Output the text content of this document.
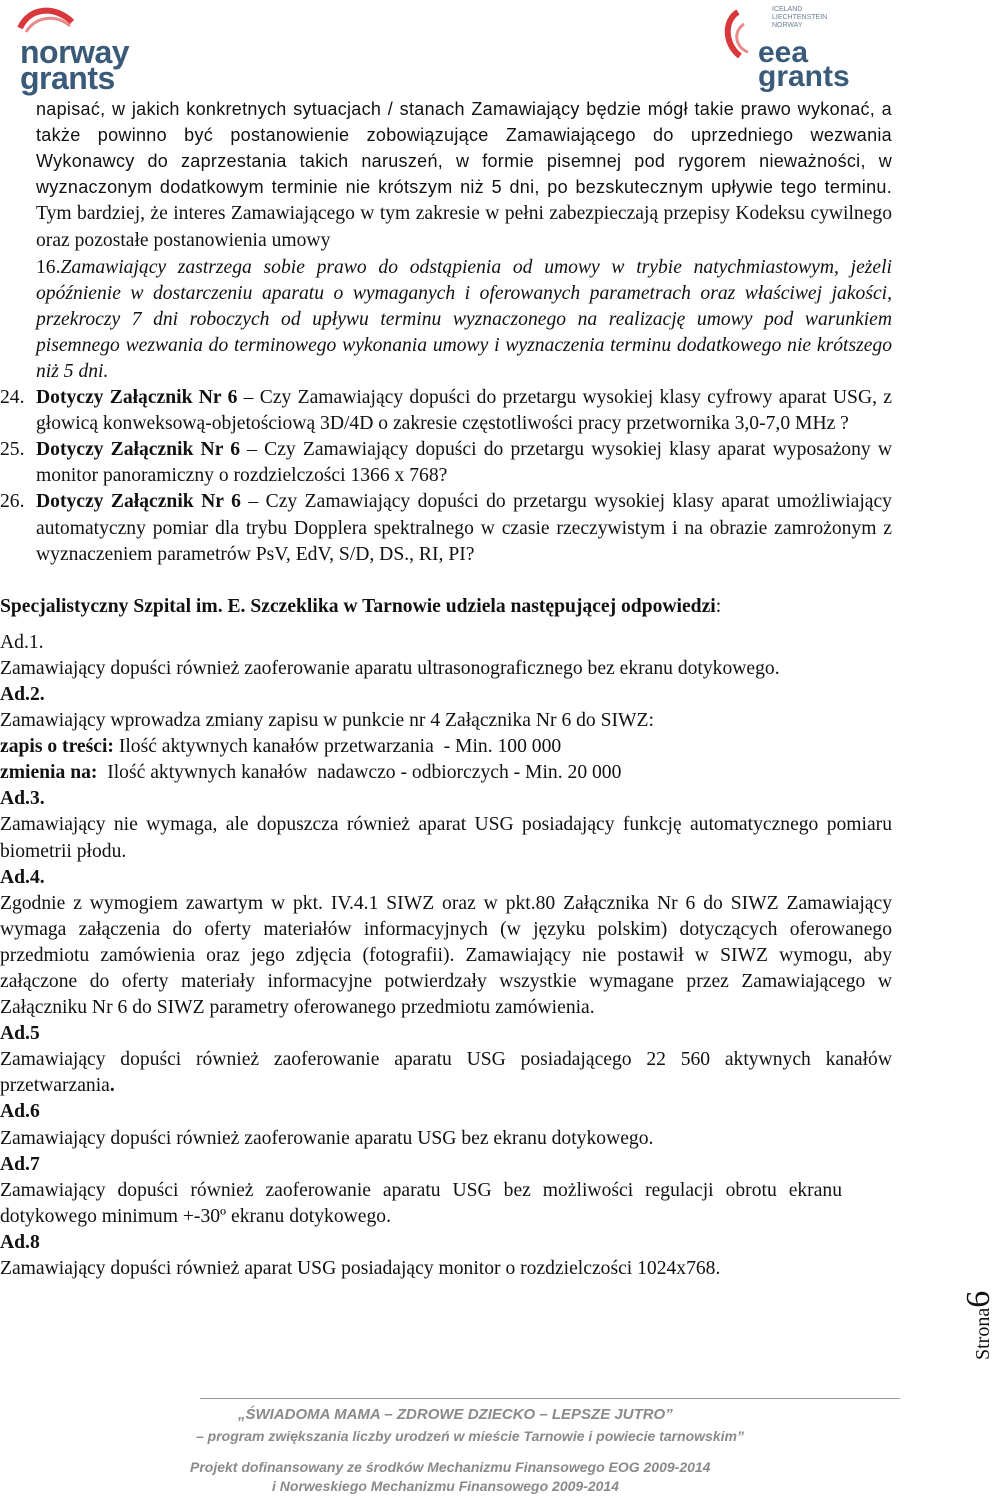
norway
grants
ICELAND
LIECHTENSTEIN
NORWAY
eea
grants

napisać, w jakich konkretnych sytuacjach / stanach Zamawiający będzie mógł takie prawo wykonać, a także powinno być postanowienie zobowiązujące Zamawiającego do uprzedniego wezwania Wykonawcy do zaprzestania takich naruszeń, w formie pisemnej pod rygorem nieważności, w wyznaczonym dodatkowym terminie nie krótszym niż 5 dni, po bezskutecznym upływie tego terminu. Tym bardziej, że interes Zamawiającego w tym zakresie w pełni zabezpieczają przepisy Kodeksu cywilnego oraz pozostałe postanowienia umowy

16.Zamawiający zastrzega sobie prawo do odstąpienia od umowy w trybie natychmiastowym, jeżeli opóźnienie w dostarczeniu aparatu o wymaganych i oferowanych parametrach oraz właściwej jakości, przekroczy 7 dni roboczych od upływu terminu wyznaczonego na realizację umowy pod warunkiem pisemnego wezwania do terminowego wykonania umowy i wyznaczenia terminu dodatkowego nie krótszego niż 5 dni.

24. Dotyczy Załącznik Nr 6 – Czy Zamawiający dopuści do przetargu wysokiej klasy cyfrowy aparat USG, z głowicą konweksową-objetościową 3D/4D o zakresie częstotliwości pracy przetwornika 3,0-7,0 MHz ?
25. Dotyczy Załącznik Nr 6 – Czy Zamawiający dopuści do przetargu wysokiej klasy aparat wyposażony w monitor panoramiczny o rozdzielczości 1366 x 768?
26. Dotyczy Załącznik Nr 6 – Czy Zamawiający dopuści do przetargu wysokiej klasy aparat umożliwiający automatyczny pomiar dla trybu Dopplera spektralnego w czasie rzeczywistym i na obrazie zamrożonym z wyznaczeniem parametrów PsV, EdV, S/D, DS., RI, PI?

Specjalistyczny Szpital im. E. Szczeklika w Tarnowie udziela następującej odpowiedzi:

Ad.1.

Zamawiający dopuści również zaoferowanie aparatu ultrasonograficznego bez ekranu dotykowego.

Ad.2.

Zamawiający wprowadza zmiany zapisu w punkcie nr 4 Załącznika Nr 6 do SIWZ:

zapis o treści: Ilość aktywnych kanałów przetwarzania  - Min. 100 000

zmienia na:  Ilość aktywnych kanałów  nadawczo - odbiorczych - Min. 20 000

Ad.3.

Zamawiający nie wymaga, ale dopuszcza również aparat USG posiadający funkcję automatycznego pomiaru biometrii płodu.

Ad.4.

Zgodnie z wymogiem zawartym w pkt. IV.4.1 SIWZ oraz w pkt.80 Załącznika Nr 6 do SIWZ Zamawiający wymaga załączenia do oferty materiałów informacyjnych (w języku polskim) dotyczących oferowanego przedmiotu zamówienia oraz jego zdjęcia (fotografii). Zamawiający nie postawił w SIWZ wymogu, aby załączone do oferty materiały informacyjne potwierdzały wszystkie wymagane przez Zamawiającego w Załączniku Nr 6 do SIWZ parametry oferowanego przedmiotu zamówienia.

Ad.5

Zamawiający dopuści również zaoferowanie aparatu USG posiadającego 22 560 aktywnych kanałów przetwarzania.

Ad.6

Zamawiający dopuści również zaoferowanie aparatu USG bez ekranu dotykowego.

Ad.7

Zamawiający dopuści również zaoferowanie aparatu USG bez możliwości regulacji obrotu ekranu dotykowego minimum +-30º ekranu dotykowego.

Ad.8

Zamawiający dopuści również aparat USG posiadający monitor o rozdzielczości 1024x768.

Strona6
„ŚWIADOMA MAMA – ZDROWE DZIECKO – LEPSZE JUTRO”
– program zwiększania liczby urodzeń w mieście Tarnowie i powiecie tarnowskim”
Projekt dofinansowany ze środków Mechanizmu Finansowego EOG 2009-2014
i Norweskiego Mechanizmu Finansowego 2009-2014
